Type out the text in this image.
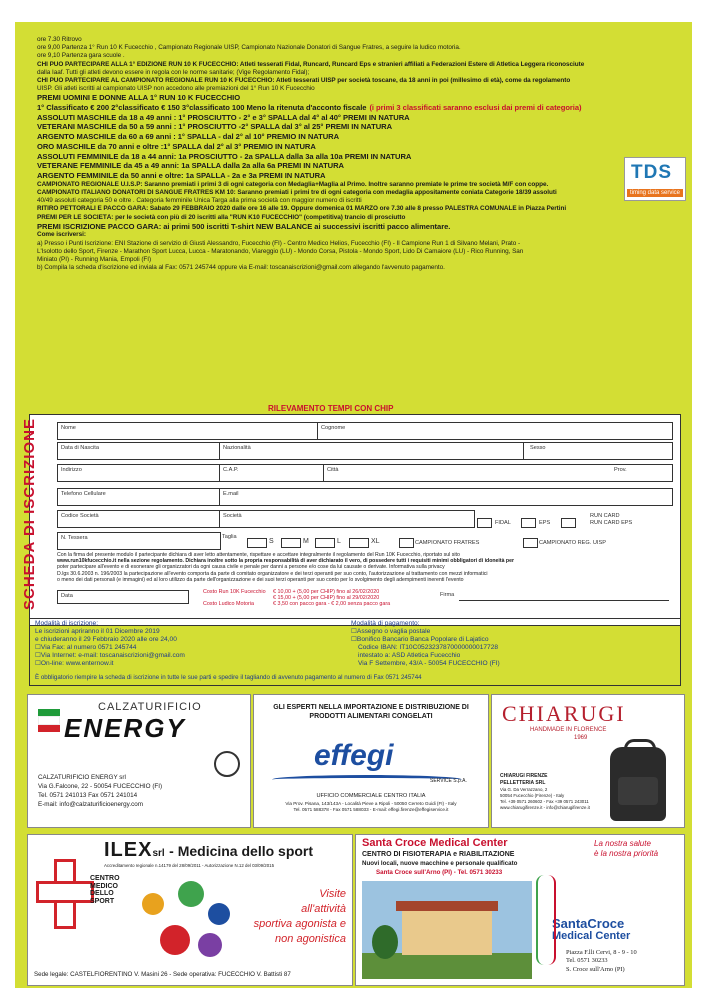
ore 7.30 Ritrovo
ore 9,00 Partenza 1° Run 10 K Fucecchio , Campionato Regionale UISP, Campionato Nazionale Donatori di Sangue Fratres, a seguire la ludico motoria.
ore 9,10 Partenza gara scuole .
CHI PUÒ PARTECIPARE ALLA 1° EDIZIONE RUN 10 K FUCECCHIO: Atleti tesserati Fidal, Runcard, Runcard Eps e stranieri affiliati a Federazioni Estere di Atletica Leggera riconosciute
dalla Iaaf. Tutti gli atleti devono essere in regola con le norme sanitarie; (Vige Regolamento Fidal);
CHI PUÒ PARTECIPARE AL CAMPIONATO REGIONALE RUN 10 K FUCECCHIO: Atleti tesserati UISP per società toscane, da 18 anni in poi (millesimo di età), come da regolamento
UISP. Gli atleti iscritti al campionato UISP non accedono alle premiazioni del 1° Run 10 K Fucecchio
PREMI UOMINI E DONNE ALLA 1° RUN 10 K FUCECCHIO
1° Classificato € 200 2°classificato € 150 3°classificato 100 Meno la ritenuta d'acconto fiscale (i primi 3 classificati saranno esclusi dai premi di categoria)
ASSOLUTI MASCHILE da 18 a 49 anni : 1° PROSCIUTTO - 2° e 3° SPALLA dal 4° al 40° PREMI IN NATURA
VETERANI MASCHILE da 50 a 59 anni : 1° PROSCIUTTO -2° SPALLA dal 3° al 25° PREMI IN NATURA
ARGENTO MASCHILE da 60 a 69 anni : 1° SPALLA - dal 2° al 10° PREMIO IN NATURA
ORO MASCHILE da 70 anni e oltre :1° SPALLA dal 2° al 3° PREMIO IN NATURA
ASSOLUTI FEMMINILE da 18 a 44 anni: 1a PROSCIUTTO - 2a SPALLA dalla 3a alla 10a PREMI IN NATURA
VETERANE FEMMINILE da 45 a 49 anni: 1a SPALLA dalla 2a alla 6a PREMI IN NATURA
ARGENTO FEMMINILE da 50 anni e oltre: 1a SPALLA - 2a e 3a PREMI IN NATURA
CAMPIONATO REGIONALE U.I.S.P: Saranno premiati i primi 3 di ogni categoria con Medaglia+Maglia al Primo. Inoltre saranno premiate le prime tre società M/F con coppe.
CAMPIONATO ITALIANO DONATORI DI SANGUE FRATRES KM 10: Saranno premiati i primi tre di ogni categoria con medaglia appositamente coniata Categorie 18/39 assoluti
40/49 assoluti categoria 50 e oltre . Categoria femminile Unica Targa alla prima società con maggior numero di iscritti
RITIRO PETTORALI E PACCO GARA: Sabato 29 FEBBRAIO 2020 dalle ore 16 alle 19. Oppure domenica 01 MARZO ore 7.30 alle 8 presso PALESTRA COMUNALE in Piazza Pertini
PREMI PER LE SOCIETÀ: per le società con più di 20 iscritti alla "RUN K10 FUCECCHIO" (competitiva) trancio di prosciutto
PREMI ISCRIZIONE PACCO GARA: ai primi 500 iscritti T-shirt NEW BALANCE ai successivi iscritti pacco alimentare.
Come iscriversi:
a) Presso i Punti Iscrizione: ENI Stazione di servizio di Giusti Alessandro, Fucecchio (FI) - Centro Medico Helios, Fucecchio (FI) - Il Campione Run 1 di Silvano Melani, Prato -
L'Isolotto dello Sport, Firenze - Marathon Sport Lucca, Lucca - Maratonando, Viareggio (LU) - Mondo Corsa, Pistola - Mondo Sport, Lido Di Camaiore (LU) - Rico Running, San
Miniato (PI) - Running Mania, Empoli (FI)
b) Compila la scheda d'iscrizione ed inviala al Fax: 0571 245744 oppure via E-mail: toscanaiscrizioni@gmail.com allegando l'avvenuto pagamento.
TDS
timing data service
RILEVAMENTO TEMPI CON CHIP
SCHEDA DI ISCRIZIONE	Nome	Cognome
Data di Nascita	Nazionalità	Sesso
Indirizzo	C.A.P.	Città	Prov.
Telefono Cellulare	E.mail
Codice Società	Società
FIDAL	EPS
RUN CARD
RUN CARD EPS
N. Tessera	Taglia
S	M	L	XL	CAMPIONATO FRATRES	CAMPIONATO REG. UISP
Con la firma del presente modulo il partecipante dichiara di aver letto attentamente, rispettare e accettare integralmente il regolamento del Run 10K Fucecchio, riportato sul sito
www.run10kfucecchio.it nella sezione regolamento. Dichiara inoltre sotto la propria responsabilità di aver dichiarato il vero, di possedere tutti i requisiti minimi obbligatori di idoneità per
poter partecipare all'evento e di esonerare gli organizzatori da ogni causa civile e penale per danni a persone e/o cose da lui causate o derivate. Informativa sulla privacy
D.lgs 30.6.2003 n. 196/2003 la partecipazione all'evento comporta da parte di comitato organizzatore e dei terzi operanti per suo conto, l'autorizzazione al trattamento con mezzi informatici
o meno dei dati personali (e immagini) ed al loro utilizzo da parte dell'organizzazione e dei suoi terzi operanti per suo conto per lo svolgimento degli adempimenti inerenti l'evento
Data
Costo Run 10K Fucecchio € 10,00 + (5,00 per CHIP) fino al 26/02/2020
€ 15,00 + (5,00 per CHIP) fino al 29/02/2020
Costo Ludico Motoria	€ 3,50 con pacco gara - € 2,00 senza pacco gara
Firma
Modalità di iscrizione:
Le iscrizioni apriranno il 01 Dicembre 2019
e chiuderanno il 29 Febbraio 2020 alle ore 24,00
☐Via Fax: al numero 0571 245744
☐Via Internet: e-mail: toscanaiscrizioni@gmail.com
☐On-line: www.enternow.it
Modalità di pagamento:
☐Assegno o vaglia postale
☐Bonifico Bancario Banca Popolare di Lajatico
Codice IBAN: IT10C0523237870000000017728
intestato a: ASD Atletica Fucecchio
Via F Settembre, 43/A - 50054 FUCECCHIO (FI)
È obbligatorio riempire la scheda di iscrizione in tutte le sue parti e spedire il tagliando di avvenuto pagamento al numero di Fax 0571 245744
CALZATURIFICIO
ENERGY
CALZATURIFICIO ENERGY srl
Via G.Falcone, 22 - 50054 FUCECCHIO (FI)
Tel. 0571 241013 Fax 0571 241014
E-mail: info@calzaturificioenergy.com
GLI ESPERTI NELLA IMPORTAZIONE E DISTRIBUZIONE DI PRODOTTI ALIMENTARI CONGELATI
effegi
SERVICE S.p.A.
UFFICIO COMMERCIALE CENTRO ITALIA
Via Prov. Pisana, 143/143A - Località Pieve a Ripoli - 50050 Cerreto Guidi (FI) - Italy
Tel. 0571 588378 - Fax 0571 588033 - E-mail: effegi.firenze@effegiservice.it
CHIARUGI
HANDMADE IN FLORENCE
1969
CHIARUGI FIRENZE
PELLETTERIA SRL
Via G. Da Verrazzano, 2
50054 Fucecchio (Firenze) - Italy
Tel. +39 0571 260602 - Fax +39 0571 243011
www.chiarugifirenze.it - info@chiarugifirenze.it
ILEXsrl - Medicina dello sport
Accreditamento regionale n.14179 del 28/09/2011 - Autorizzazione N.12 del 03/09/2015
CENTRO MEDICO DELLO SPORT
Visite
all'attività
sportiva agonista e
non agonistica
Sede legale: CASTELFIORENTINO V. Masini 26 - Sede operativa: FUCECCHIO V. Battisti 87
Santa Croce Medical Center
CENTRO DI FISIOTERAPIA e RIABILITAZIONE
Nuovi locali, nuove macchine e personale qualificato
Santa Croce sull'Arno (PI) - Tel. 0571 30233
La nostra salute
è la nostra priorità
SantaCroce
Medical Center
Piazza F.lli Cervi, 8 - 9 - 10
Tel. 0571 30233
S. Croce sull'Arno (PI)
